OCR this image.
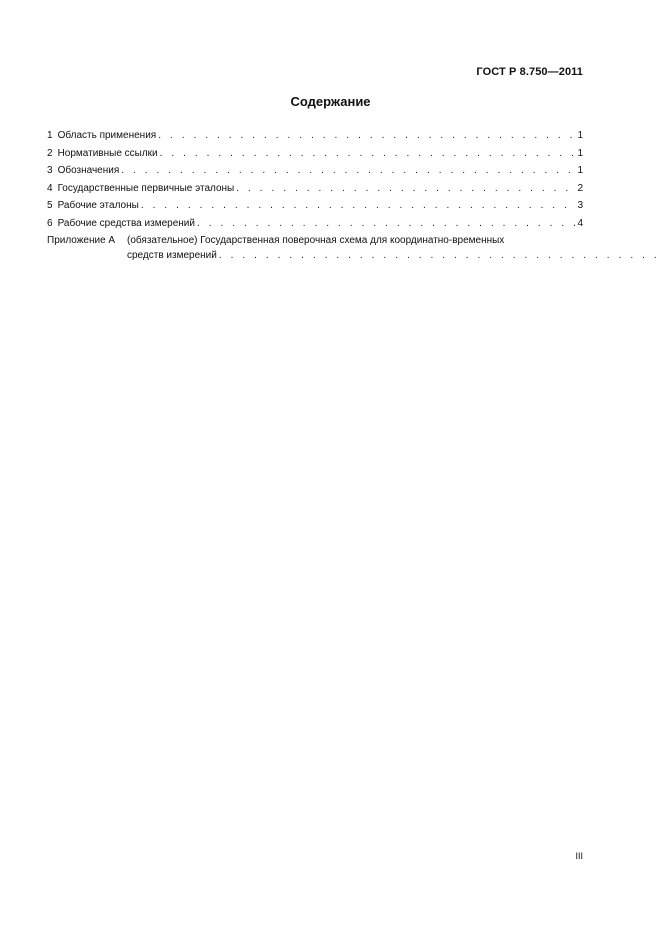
ГОСТ Р 8.750—2011
Содержание
1 Область применения . . .	1
2 Нормативные ссылки . . .	1
3 Обозначения . . .	1
4 Государственные первичные эталоны . . .	2
5 Рабочие эталоны . . .	3
6 Рабочие средства измерений . . .	4
Приложение А	(обязательное) Государственная поверочная схема для координатно-временных
средств измерений
. . .
III
